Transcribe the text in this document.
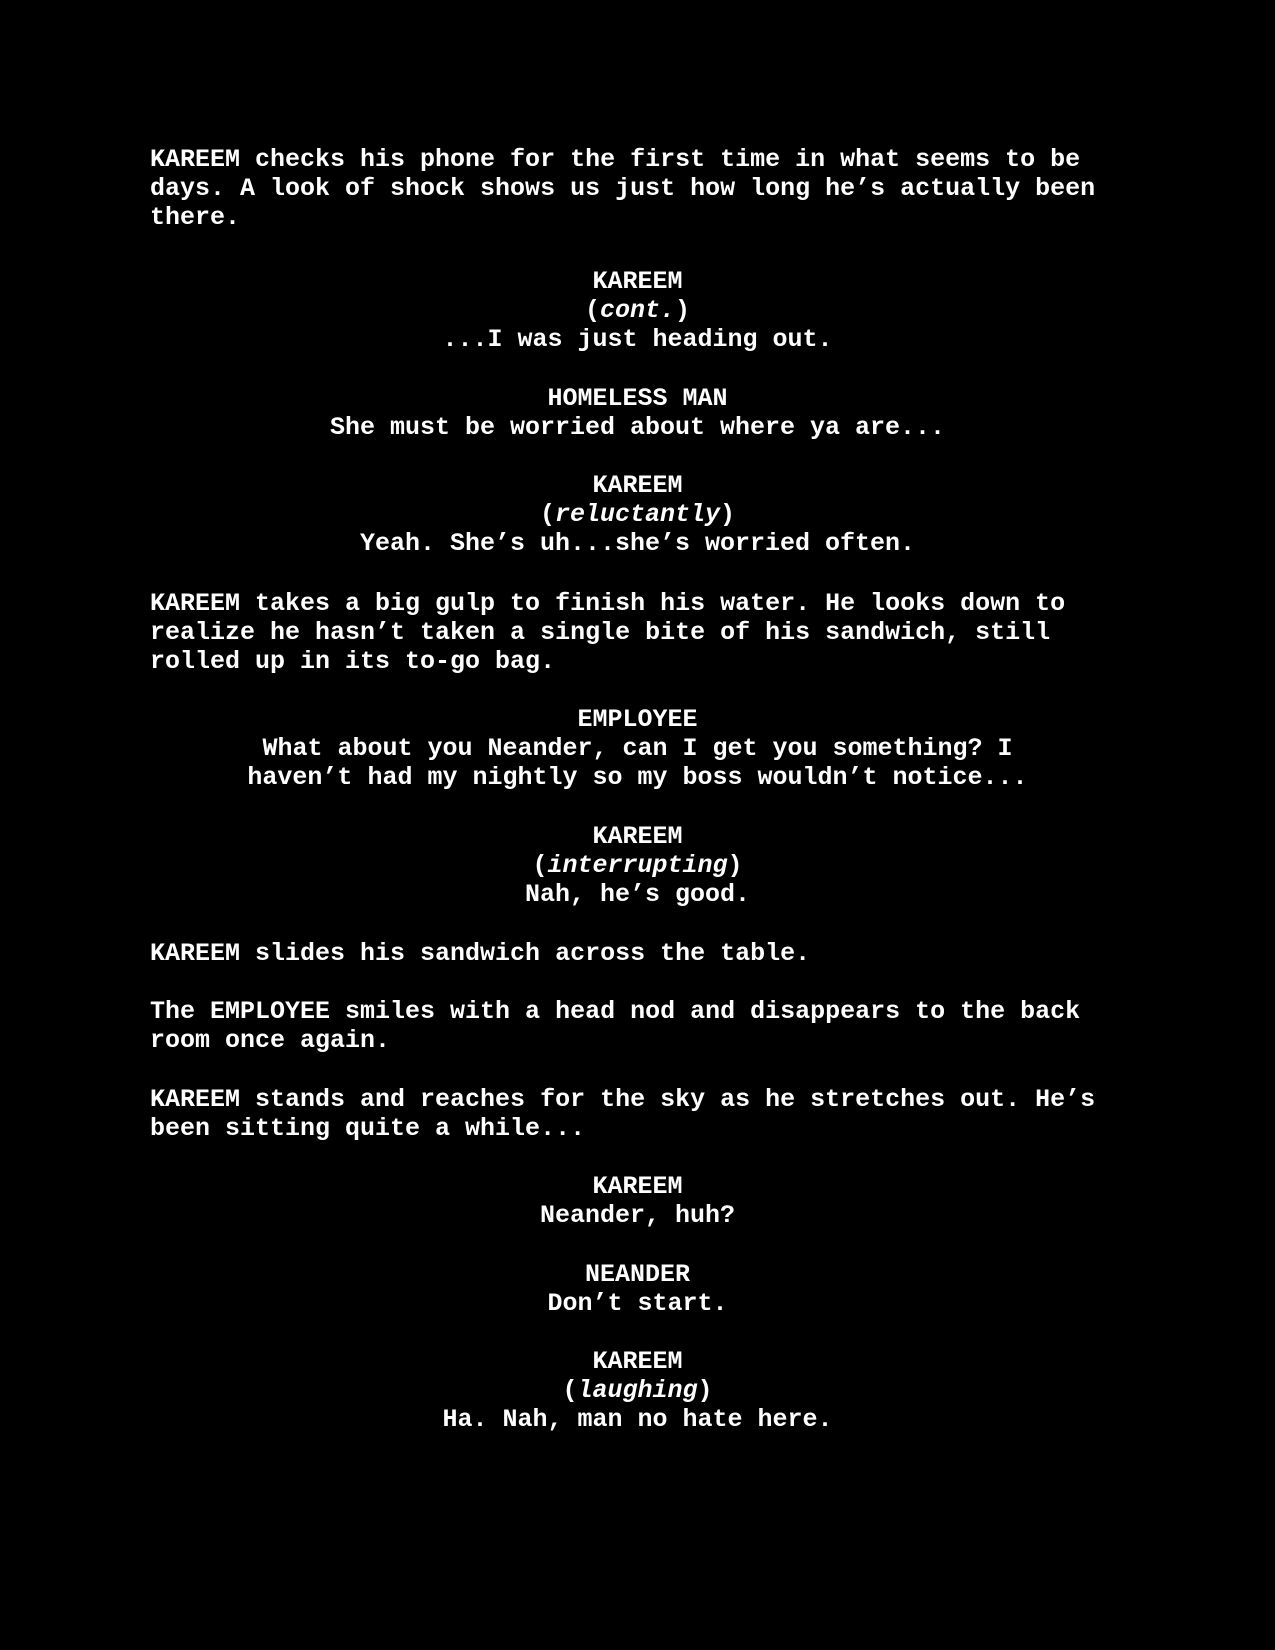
KAREEM checks his phone for the first time in what seems to be
days. A look of shock shows us just how long he’s actually been
there.
KAREEM
(cont.)
...I was just heading out.
HOMELESS MAN
She must be worried about where ya are...
KAREEM
(reluctantly)
Yeah. She’s uh...she’s worried often.
KAREEM takes a big gulp to finish his water. He looks down to
realize he hasn’t taken a single bite of his sandwich, still
rolled up in its to-go bag.
EMPLOYEE
What about you Neander, can I get you something? I
haven’t had my nightly so my boss wouldn’t notice...
KAREEM
(interrupting)
Nah, he’s good.
KAREEM slides his sandwich across the table.
The EMPLOYEE smiles with a head nod and disappears to the back
room once again.
KAREEM stands and reaches for the sky as he stretches out. He’s
been sitting quite a while...
KAREEM
Neander, huh?
NEANDER
Don’t start.
KAREEM
(laughing)
Ha. Nah, man no hate here.
